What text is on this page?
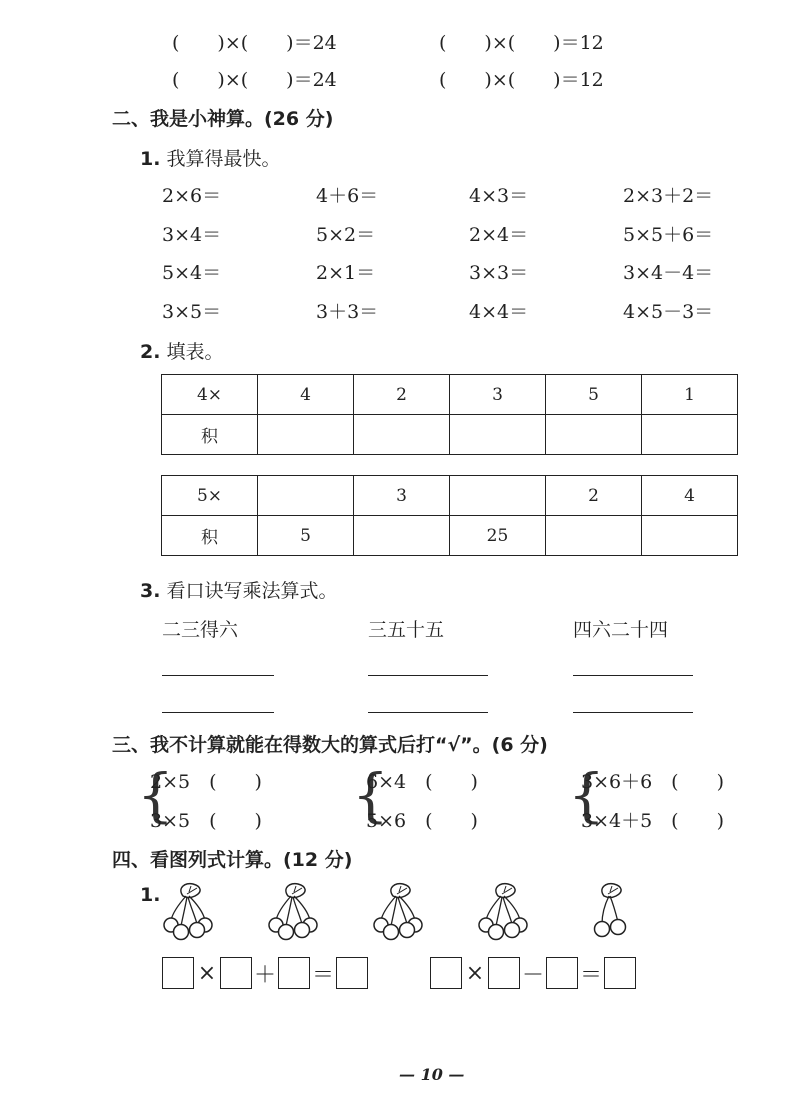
(　　)×(　　)＝24	(　　)×(　　)＝12
(　　)×(　　)＝24	(　　)×(　　)＝12
二、我是小神算。(26 分)
1. 我算得最快。
2×6＝	4＋6＝	4×3＝	2×3＋2＝
3×4＝	5×2＝	2×4＝	5×5＋6＝
5×4＝	2×1＝	3×3＝	3×4－4＝
3×5＝	3＋3＝	4×4＝	4×5－3＝
2. 填表。
4×	4	2	3	5	1
积					
5×		3		2	4
积	5		25		
3. 看口诀写乘法算式。
二三得六	三五十五	四六二十四
三、我不计算就能在得数大的算式后打“√”。(6 分)
{
2×5　(　　)
3×5　(　　) {
6×4　(　　)
5×6　(　　) {
3×6＋6　(　　)
3×4＋5　(　　)
四、看图列式计算。(12 分)
1.
× ＋ ＝	× － ＝
— 10 —
